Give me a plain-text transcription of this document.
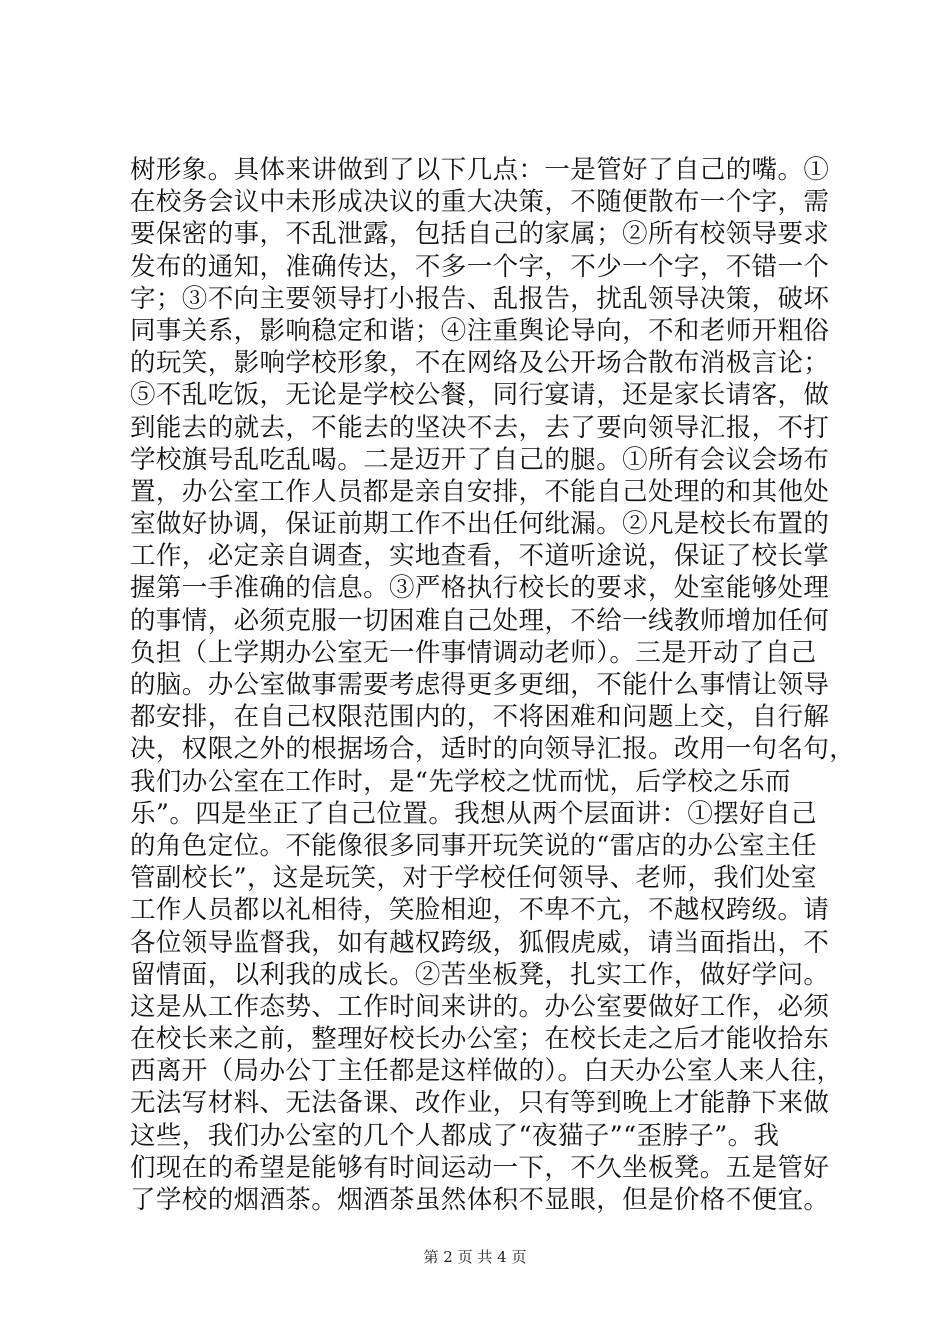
树形象。具体来讲做到了以下几点：一是管好了自己的嘴。①
在校务会议中未形成决议的重大决策，不随便散布一个字，需
要保密的事，不乱泄露，包括自己的家属；②所有校领导要求
发布的通知，准确传达，不多一个字，不少一个字，不错一个
字；③不向主要领导打小报告、乱报告，扰乱领导决策，破坏
同事关系，影响稳定和谐；④注重舆论导向，不和老师开粗俗
的玩笑，影响学校形象，不在网络及公开场合散布消极言论；
⑤不乱吃饭，无论是学校公餐，同行宴请，还是家长请客，做
到能去的就去，不能去的坚决不去，去了要向领导汇报，不打
学校旗号乱吃乱喝。二是迈开了自己的腿。①所有会议会场布
置，办公室工作人员都是亲自安排，不能自己处理的和其他处
室做好协调，保证前期工作不出任何纰漏。②凡是校长布置的
工作，必定亲自调查，实地查看，不道听途说，保证了校长掌
握第一手准确的信息。③严格执行校长的要求，处室能够处理
的事情，必须克服一切困难自己处理，不给一线教师增加任何
负担（上学期办公室无一件事情调动老师）。三是开动了自己
的脑。办公室做事需要考虑得更多更细，不能什么事情让领导
都安排，在自己权限范围内的，不将困难和问题上交，自行解
决，权限之外的根据场合，适时的向领导汇报。改用一句名句，
我们办公室在工作时，是“先学校之忧而忧，后学校之乐而
乐”。四是坐正了自己位置。我想从两个层面讲：①摆好自己
的角色定位。不能像很多同事开玩笑说的“雷店的办公室主任
管副校长”，这是玩笑，对于学校任何领导、老师，我们处室
工作人员都以礼相待，笑脸相迎，不卑不亢，不越权跨级。请
各位领导监督我，如有越权跨级，狐假虎威，请当面指出，不
留情面，以利我的成长。②苦坐板凳，扎实工作，做好学问。
这是从工作态势、工作时间来讲的。办公室要做好工作，必须
在校长来之前，整理好校长办公室；在校长走之后才能收拾东
西离开（局办公丁主任都是这样做的）。白天办公室人来人往，
无法写材料、无法备课、改作业，只有等到晚上才能静下来做
这些，我们办公室的几个人都成了“夜猫子”“歪脖子”。我
们现在的希望是能够有时间运动一下，不久坐板凳。五是管好
了学校的烟酒茶。烟酒茶虽然体积不显眼，但是价格不便宜。
第 2 页 共 4 页
